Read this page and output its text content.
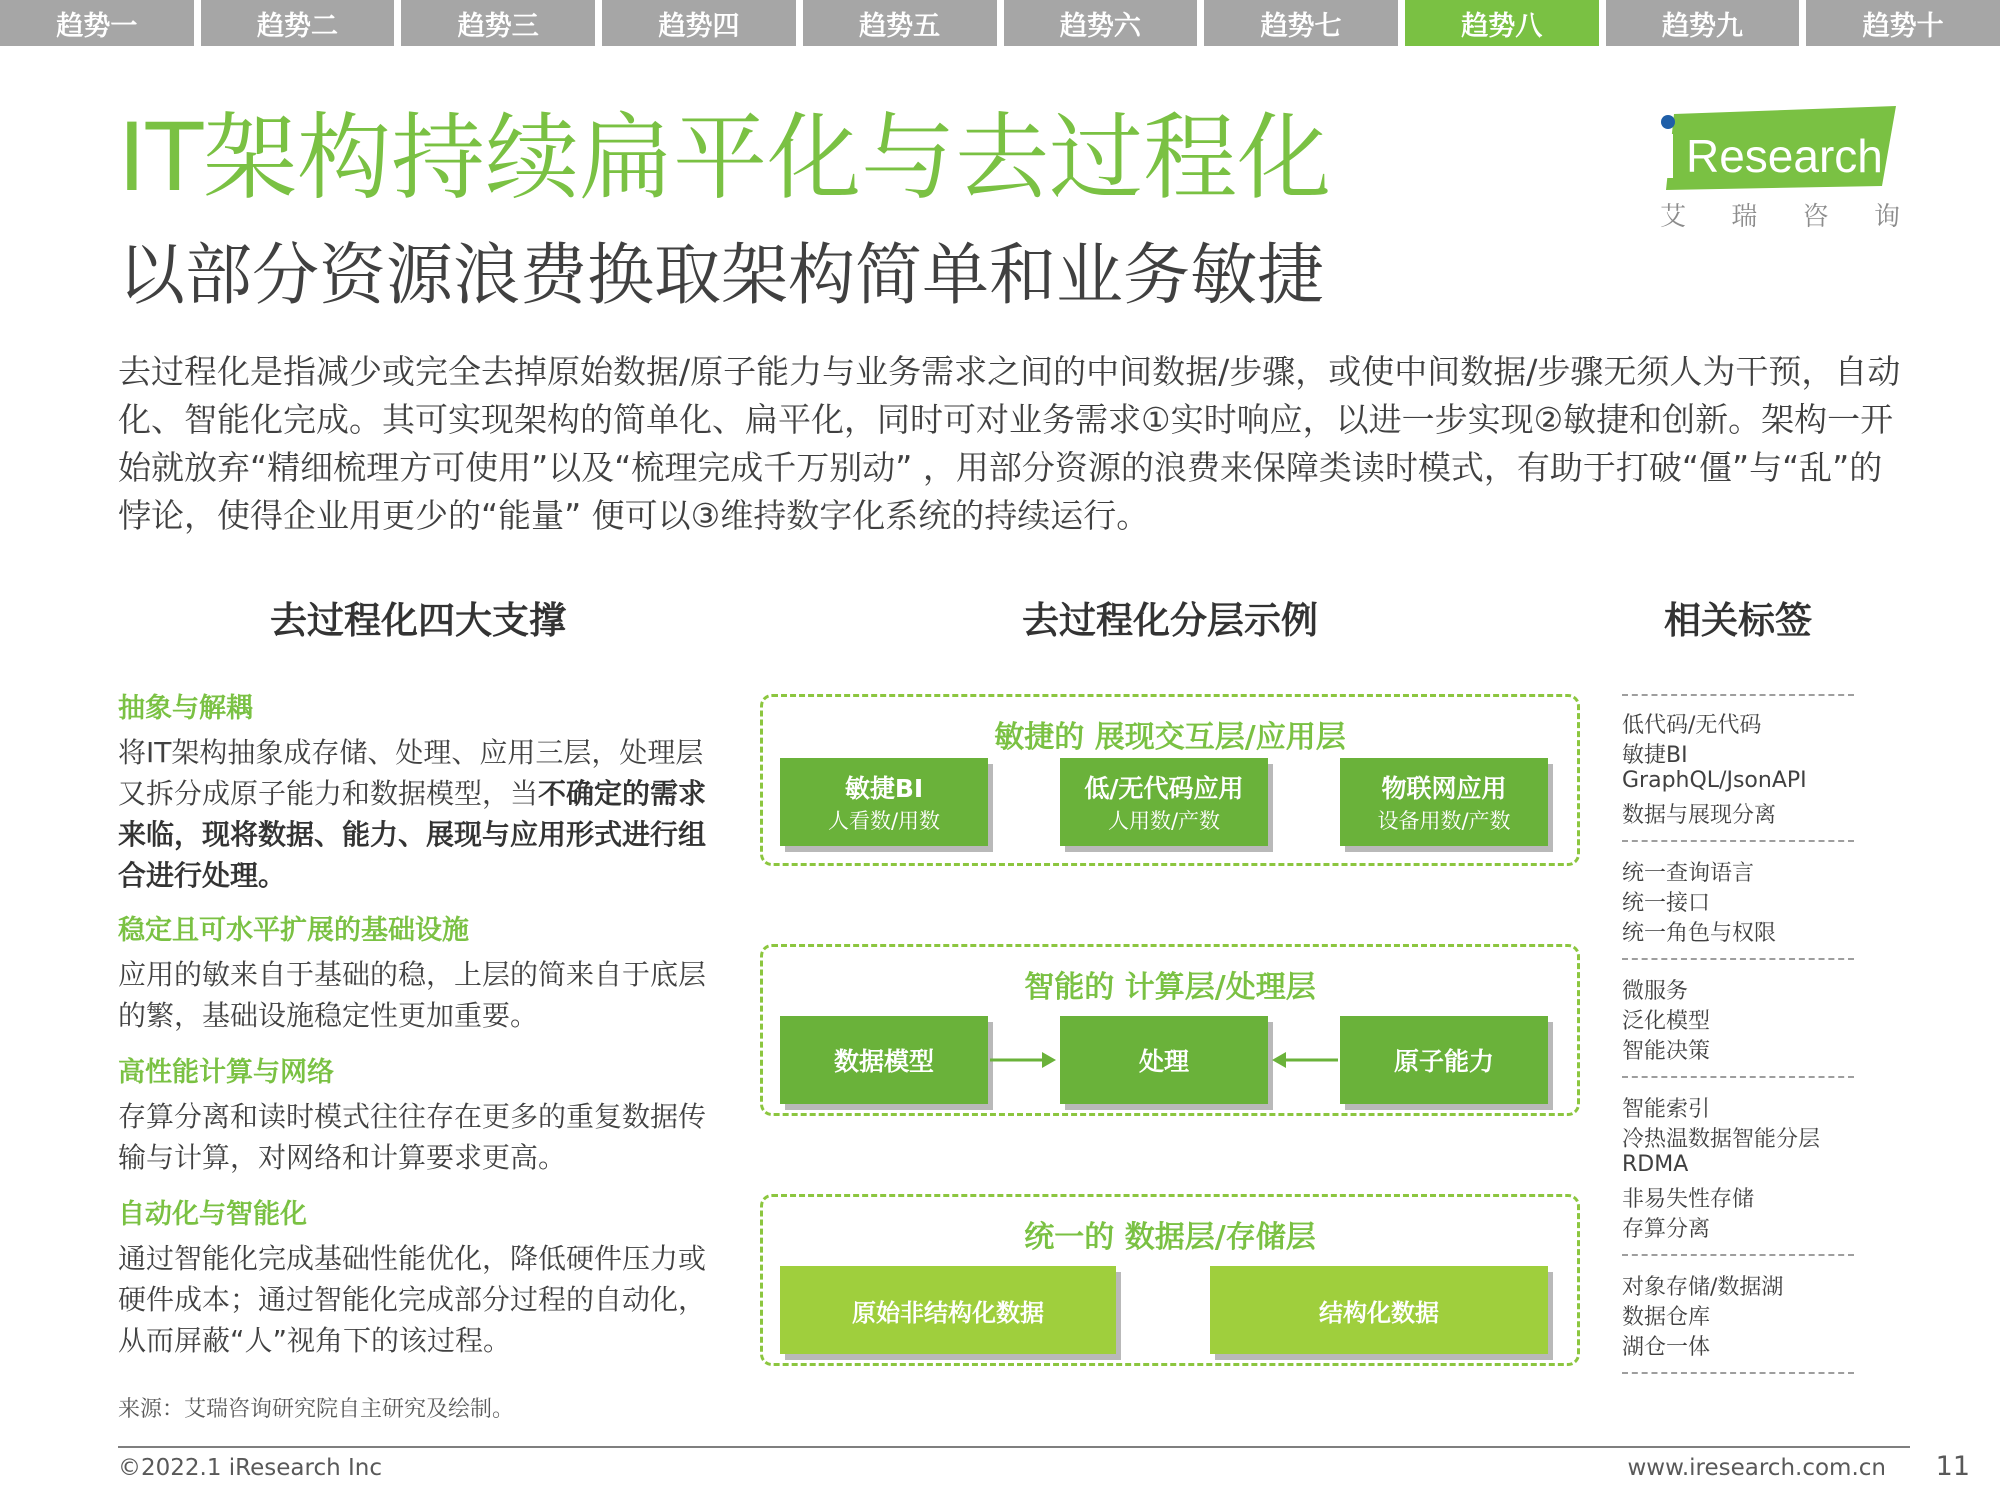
趋势一	趋势二	趋势三	趋势四	趋势五	趋势六	趋势七	趋势八	趋势九	趋势十
IT架构持续扁平化与去过程化
以部分资源浪费换取架构简单和业务敏捷
Research
艾 瑞 咨 询
去过程化是指减少或完全去掉原始数据/原子能力与业务需求之间的中间数据/步骤，或使中间数据/步骤无须人为干预，自动化、智能化完成。其可实现架构的简单化、扁平化，同时可对业务需求①实时响应，以进一步实现②敏捷和创新。架构一开始就放弃“精细梳理方可使用”以及“梳理完成千万别动” ，用部分资源的浪费来保障类读时模式，有助于打破“僵”与“乱”的悖论，使得企业用更少的“能量” 便可以③维持数字化系统的持续运行。
去过程化四大支撑	去过程化分层示例	相关标签
抽象与解耦
将IT架构抽象成存储、处理、应用三层，处理层又拆分成原子能力和数据模型，当不确定的需求来临，现将数据、能力、展现与应用形式进行组合进行处理。
稳定且可水平扩展的基础设施
应用的敏来自于基础的稳，上层的简来自于底层的繁，基础设施稳定性更加重要。
高性能计算与网络
存算分离和读时模式往往存在更多的重复数据传输与计算，对网络和计算要求更高。
自动化与智能化
通过智能化完成基础性能优化，降低硬件压力或硬件成本；通过智能化完成部分过程的自动化，从而屏蔽“人”视角下的该过程。
敏捷的 展现交互层/应用层
敏捷BI
人看数/用数
低/无代码应用
人用数/产数
物联网应用
设备用数/产数
智能的 计算层/处理层
数据模型	处理	原子能力
统一的 数据层/存储层
原始非结构化数据	结构化数据
低代码/无代码
敏捷BI
GraphQL/JsonAPI
数据与展现分离
统一查询语言
统一接口
统一角色与权限
微服务
泛化模型
智能决策
智能索引
冷热温数据智能分层
RDMA
非易失性存储
存算分离
对象存储/数据湖
数据仓库
湖仓一体
来源：艾瑞咨询研究院自主研究及绘制。
©2022.1 iResearch Inc	www.iresearch.com.cn 11
